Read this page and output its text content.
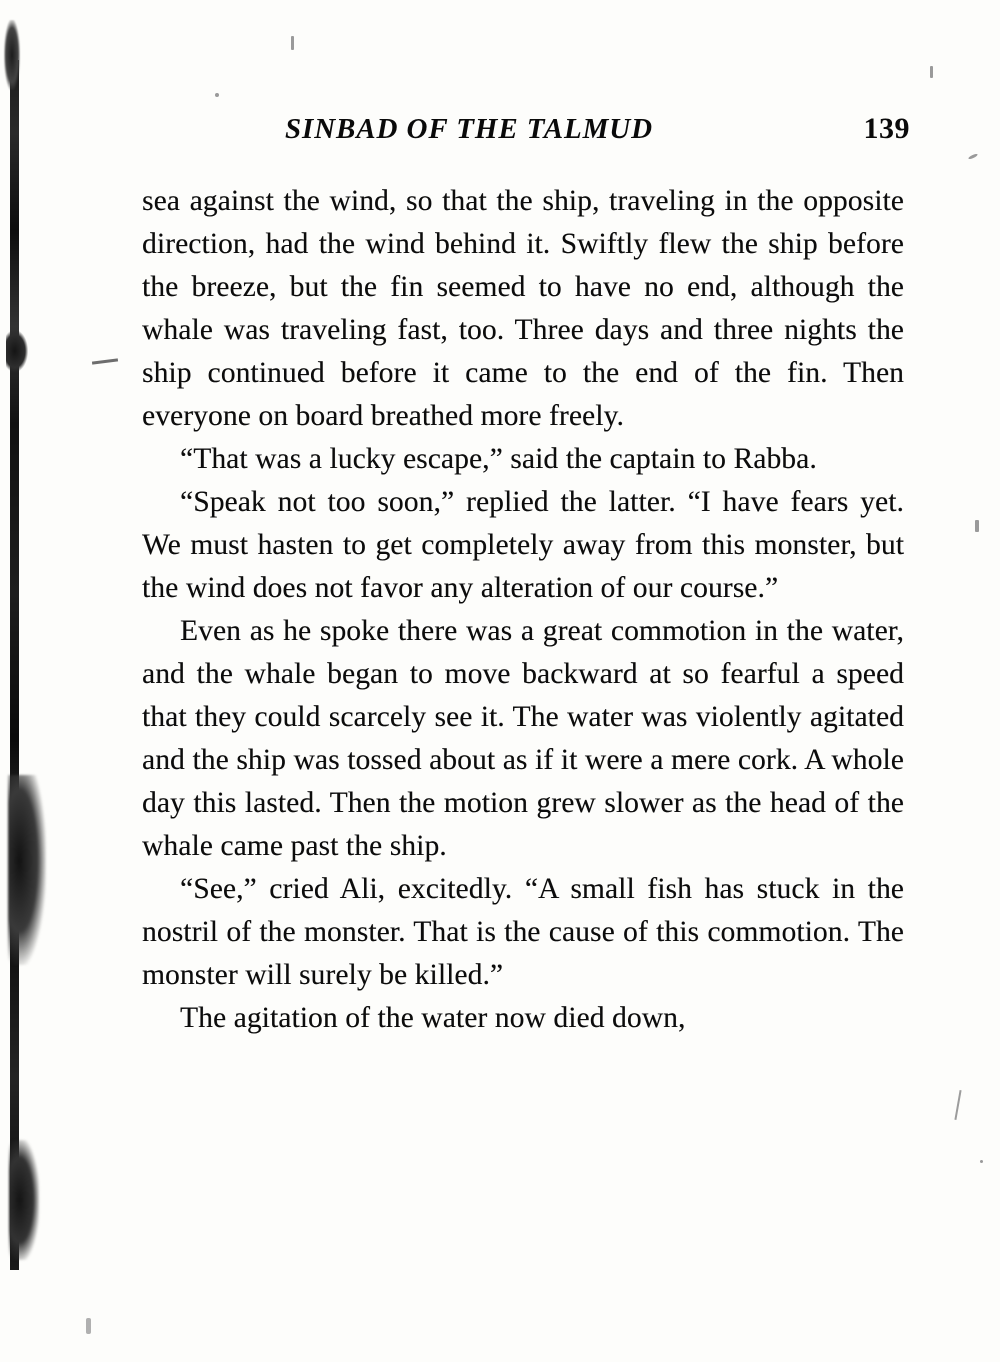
SINBAD OF THE TALMUD	139

sea against the wind, so that the ship, traveling in the opposite direction, had the wind behind it. Swiftly flew the ship before the breeze, but the fin seemed to have no end, although the whale was traveling fast, too. Three days and three nights the ship continued before it came to the end of the fin. Then everyone on board breathed more freely.

“That was a lucky escape,” said the captain to Rabba.

“Speak not too soon,” replied the latter. “I have fears yet. We must hasten to get completely away from this monster, but the wind does not favor any alteration of our course.”

Even as he spoke there was a great commotion in the water, and the whale began to move backward at so fearful a speed that they could scarcely see it. The water was violently agitated and the ship was tossed about as if it were a mere cork. A whole day this lasted. Then the motion grew slower as the head of the whale came past the ship.

“See,” cried Ali, excitedly. “A small fish has stuck in the nostril of the monster. That is the cause of this commotion. The monster will surely be killed.”

The agitation of the water now died down,
